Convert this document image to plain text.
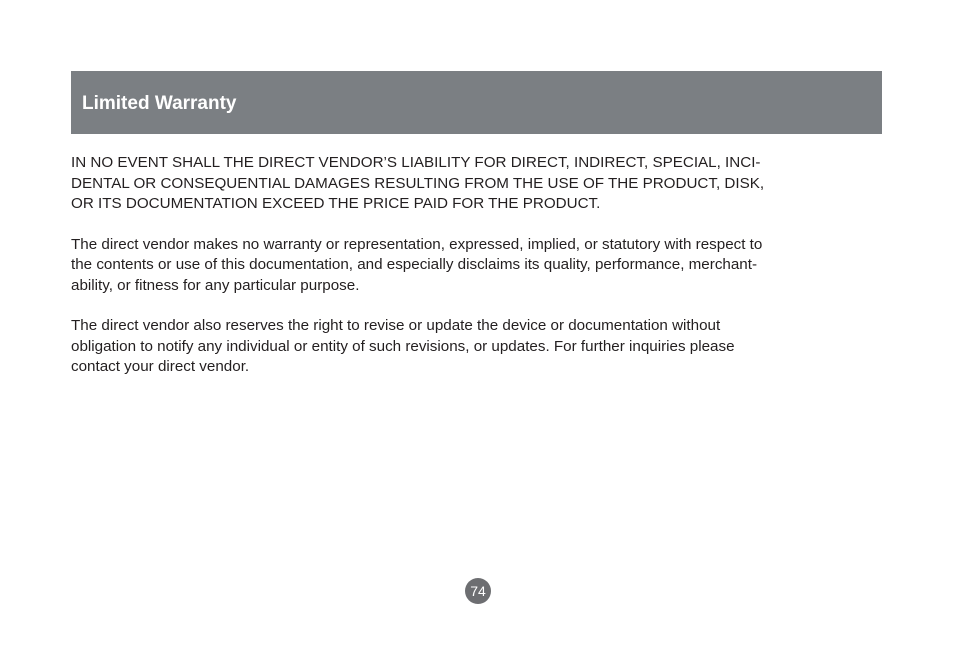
Limited Warranty

IN NO EVENT SHALL THE DIRECT VENDOR’S LIABILITY FOR DIRECT, INDIRECT, SPECIAL, INCI-
DENTAL OR CONSEQUENTIAL DAMAGES RESULTING FROM THE USE OF THE PRODUCT, DISK,
OR ITS DOCUMENTATION EXCEED THE PRICE PAID FOR THE PRODUCT.

The direct vendor makes no warranty or representation, expressed, implied, or statutory with respect to
the contents or use of this documentation, and especially disclaims its quality, performance, merchant-
ability, or fitness for any particular purpose.

The direct vendor also reserves the right to revise or update the device or documentation without
obligation to notify any individual or entity of such revisions, or updates. For further inquiries please
contact your direct vendor.

74
